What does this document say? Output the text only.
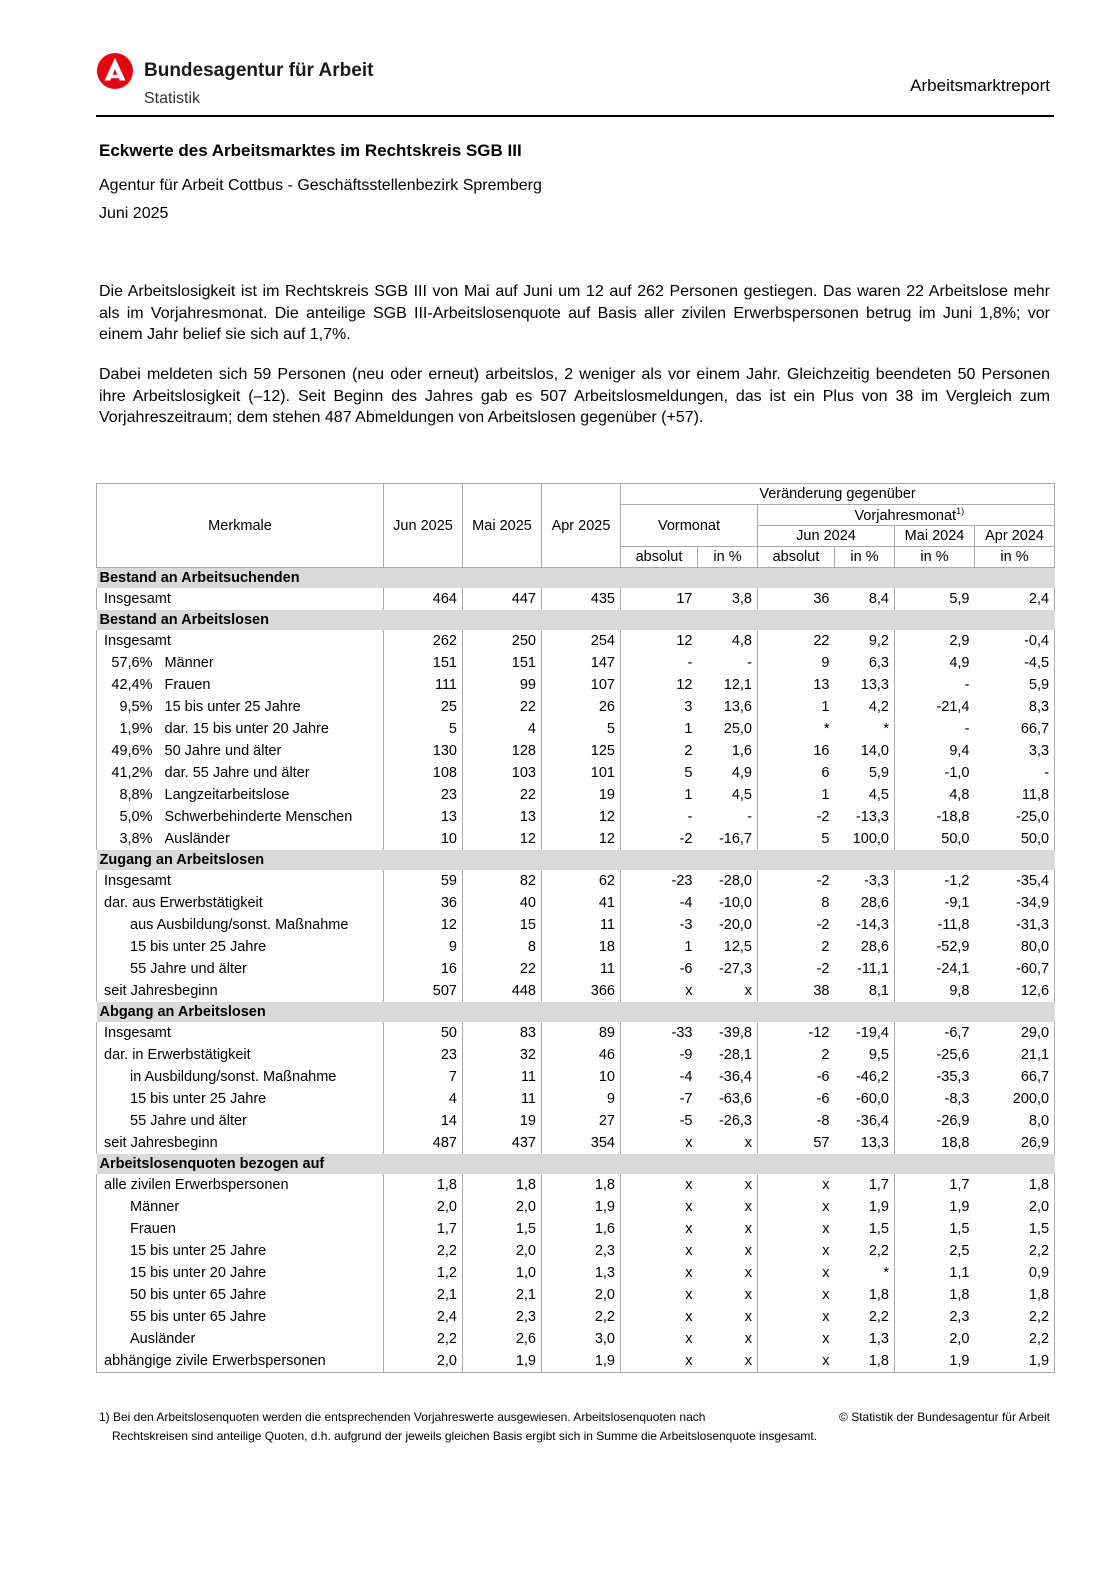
Bundesagentur für Arbeit
Statistik
Arbeitsmarktreport
Eckwerte des Arbeitsmarktes im Rechtskreis SGB III
Agentur für Arbeit Cottbus - Geschäftsstellenbezirk Spremberg
Juni 2025
Die Arbeitslosigkeit ist im Rechtskreis SGB III von Mai auf Juni um 12 auf 262 Personen gestiegen. Das waren 22 Arbeitslose mehr als im Vorjahresmonat. Die anteilige SGB III-Arbeitslosenquote auf Basis aller zivilen Erwerbspersonen betrug im Juni 1,8%; vor einem Jahr belief sie sich auf 1,7%.
Dabei meldeten sich 59 Personen (neu oder erneut) arbeitslos, 2 weniger als vor einem Jahr. Gleichzeitig beendeten 50 Personen ihre Arbeitslosigkeit (–12). Seit Beginn des Jahres gab es 507 Arbeitslosmeldungen, das ist ein Plus von 38 im Vergleich zum Vorjahreszeitraum; dem stehen 487 Abmeldungen von Arbeitslosen gegenüber (+57).
Merkmale		Jun 2025	Mai 2025	Apr 2025	Veränderung gegenüber					
					Vormonat		Vorjahresmonat$^{1)}$
							Jun 2024		Mai 2024	Apr 2024
					absolut	in %	absolut	in %	in %	in %
Bestand an Arbeitsuchenden										
Insgesamt		464	447	435	17	3,8	36	8,4	5,9	2,4
Bestand an Arbeitslosen										
Insgesamt		262	250	254	12	4,8	22	9,2	2,9	-0,4
57,6%	Männer	151	151	147	-	-	9	6,3	4,9	-4,5
42,4%	Frauen	111	99	107	12	12,1	13	13,3	-	5,9
9,5%	15 bis unter 25 Jahre	25	22	26	3	13,6	1	4,2	-21,4	8,3
1,9%	dar. 15 bis unter 20 Jahre	5	4	5	1	25,0	*	*	-	66,7
49,6%	50 Jahre und älter	130	128	125	2	1,6	16	14,0	9,4	3,3
41,2%	dar. 55 Jahre und älter	108	103	101	5	4,9	6	5,9	-1,0	-
8,8%	Langzeitarbeitslose	23	22	19	1	4,5	1	4,5	4,8	11,8
5,0%	Schwerbehinderte Menschen	13	13	12	-	-	-2	-13,3	-18,8	-25,0
3,8%	Ausländer	10	12	12	-2	-16,7	5	100,0	50,0	50,0
Zugang an Arbeitslosen										
Insgesamt		59	82	62	-23	-28,0	-2	-3,3	-1,2	-35,4
dar. aus Erwerbstätigkeit		36	40	41	-4	-10,0	8	28,6	-9,1	-34,9
aus Ausbildung/sonst. Maßnahme		12	15	11	-3	-20,0	-2	-14,3	-11,8	-31,3
15 bis unter 25 Jahre		9	8	18	1	12,5	2	28,6	-52,9	80,0
55 Jahre und älter		16	22	11	-6	-27,3	-2	-11,1	-24,1	-60,7
seit Jahresbeginn		507	448	366	x	x	38	8,1	9,8	12,6
Abgang an Arbeitslosen										
Insgesamt		50	83	89	-33	-39,8	-12	-19,4	-6,7	29,0
dar. in Erwerbstätigkeit		23	32	46	-9	-28,1	2	9,5	-25,6	21,1
in Ausbildung/sonst. Maßnahme		7	11	10	-4	-36,4	-6	-46,2	-35,3	66,7
15 bis unter 25 Jahre		4	11	9	-7	-63,6	-6	-60,0	-8,3	200,0
55 Jahre und älter		14	19	27	-5	-26,3	-8	-36,4	-26,9	8,0
seit Jahresbeginn		487	437	354	x	x	57	13,3	18,8	26,9
Arbeitslosenquoten bezogen auf										
alle zivilen Erwerbspersonen		1,8	1,8	1,8	x	x	x	1,7	1,7	1,8
Männer		2,0	2,0	1,9	x	x	x	1,9	1,9	2,0
Frauen		1,7	1,5	1,6	x	x	x	1,5	1,5	1,5
15 bis unter 25 Jahre		2,2	2,0	2,3	x	x	x	2,2	2,5	2,2
15 bis unter 20 Jahre		1,2	1,0	1,3	x	x	x	*	1,1	0,9
50 bis unter 65 Jahre		2,1	2,1	2,0	x	x	x	1,8	1,8	1,8
55 bis unter 65 Jahre		2,4	2,3	2,2	x	x	x	2,2	2,3	2,2
Ausländer		2,2	2,6	3,0	x	x	x	1,3	2,0	2,2
abhängige zivile Erwerbspersonen		2,0	1,9	1,9	x	x	x	1,8	1,9	1,9
1) Bei den Arbeitslosenquoten werden die entsprechenden Vorjahreswerte ausgewiesen. Arbeitslosenquoten nach
Rechtskreisen sind anteilige Quoten, d.h. aufgrund der jeweils gleichen Basis ergibt sich in Summe die Arbeitslosenquote insgesamt.
© Statistik der Bundesagentur für Arbeit
